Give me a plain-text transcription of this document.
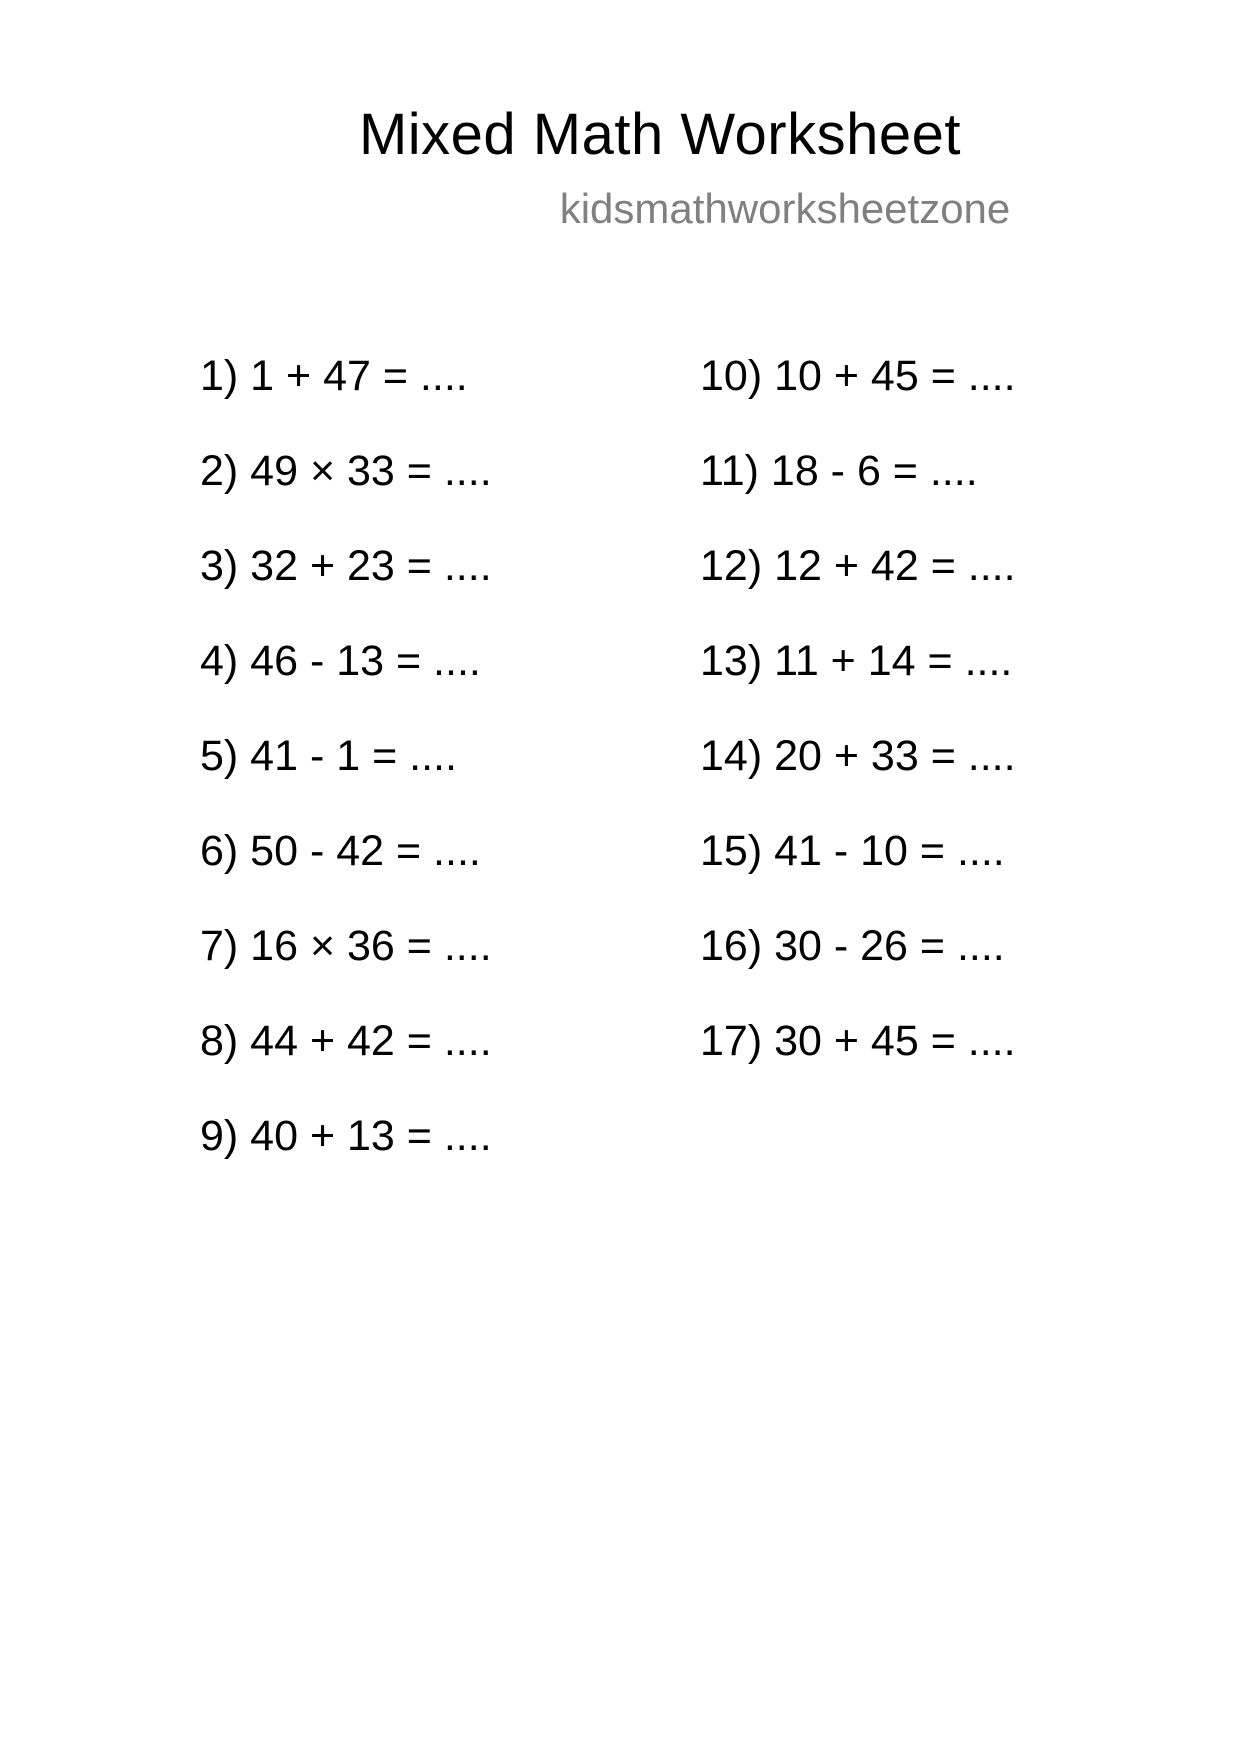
Mixed Math Worksheet
kidsmathworksheetzone
1) 1 + 47 = ....
2) 49 × 33 = ....
3) 32 + 23 = ....
4) 46 - 13 = ....
5) 41 - 1 = ....
6) 50 - 42 = ....
7) 16 × 36 = ....
8) 44 + 42 = ....
9) 40 + 13 = ....
10) 10 + 45 = ....
11) 18 - 6 = ....
12) 12 + 42 = ....
13) 11 + 14 = ....
14) 20 + 33 = ....
15) 41 - 10 = ....
16) 30 - 26 = ....
17) 30 + 45 = ....
